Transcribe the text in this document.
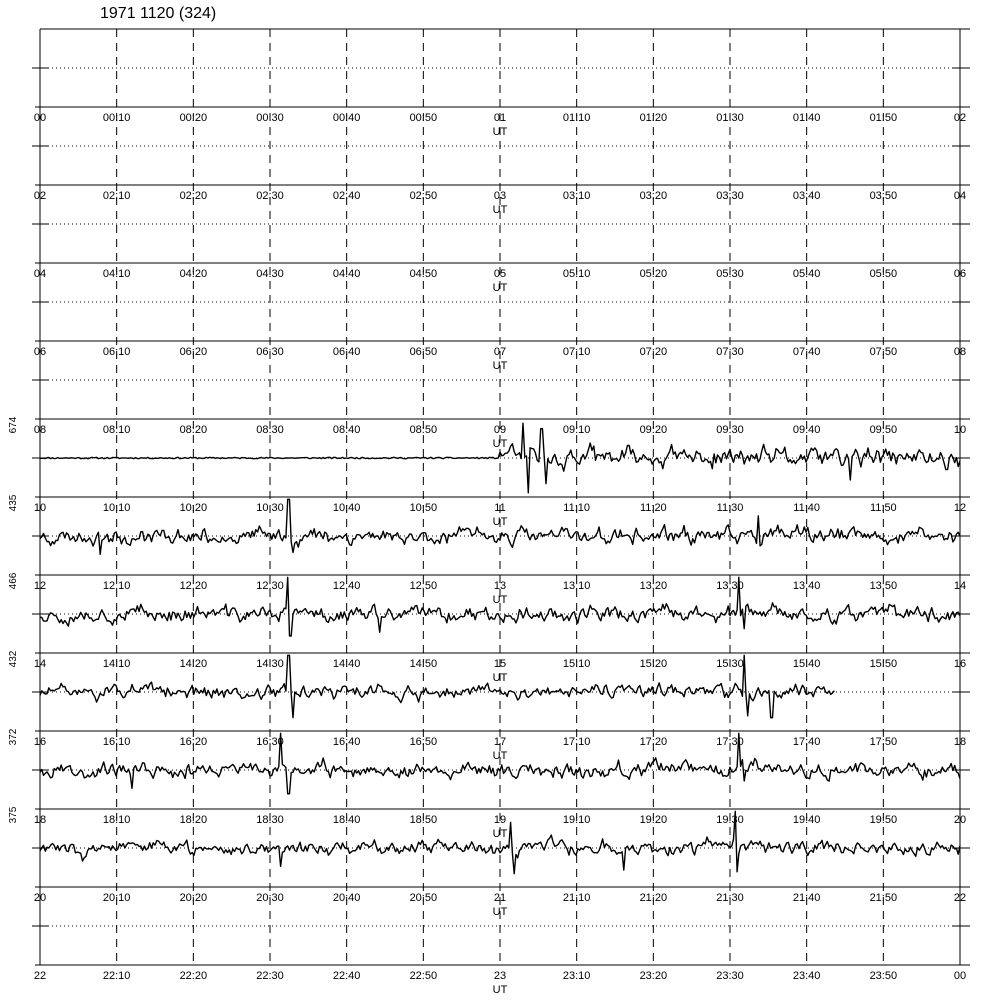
1971 1120 (324)
00	00:10	00:20	00:30	00:40	00:50	01	01:10	01:20	01:30	01:40	01:50	02
UT
02	02:10	02:20	02:30	02:40	02:50	03	03:10	03:20	03:30	03:40	03:50	04
UT
04	04:10	04:20	04:30	04:40	04:50	05	05:10	05:20	05:30	05:40	05:50	06
UT
06	06:10	06:20	06:30	06:40	06:50	07	07:10	07:20	07:30	07:40	07:50	08
UT
08	08:10	08:20	08:30	08:40	08:50	09	09:10	09:20	09:30	09:40	09:50	10
UT
10	10:10	10:20	10:30	10:40	10:50	11	11:10	11:20	11:30	11:40	11:50	12
UT
674
12	12:10	12:20	12:30	12:40	12:50	13	13:10	13:20	13:30	13:40	13:50	14
UT
435
14	14:10	14:20	14:30	14:40	14:50	15	15:10	15:20	15:30	15:40	15:50	16
UT
466
16	16:10	16:20	16:30	16:40	16:50	17	17:10	17:20	17:30	17:40	17:50	18
UT
432
18	18:10	18:20	18:30	18:40	18:50	19	19:10	19:20	19:30	19:40	19:50	20
UT
372
20	20:10	20:20	20:30	20:40	20:50	21	21:10	21:20	21:30	21:40	21:50	22
UT
375
22	22:10	22:20	22:30	22:40	22:50	23	23:10	23:20	23:30	23:40	23:50	00
UT
